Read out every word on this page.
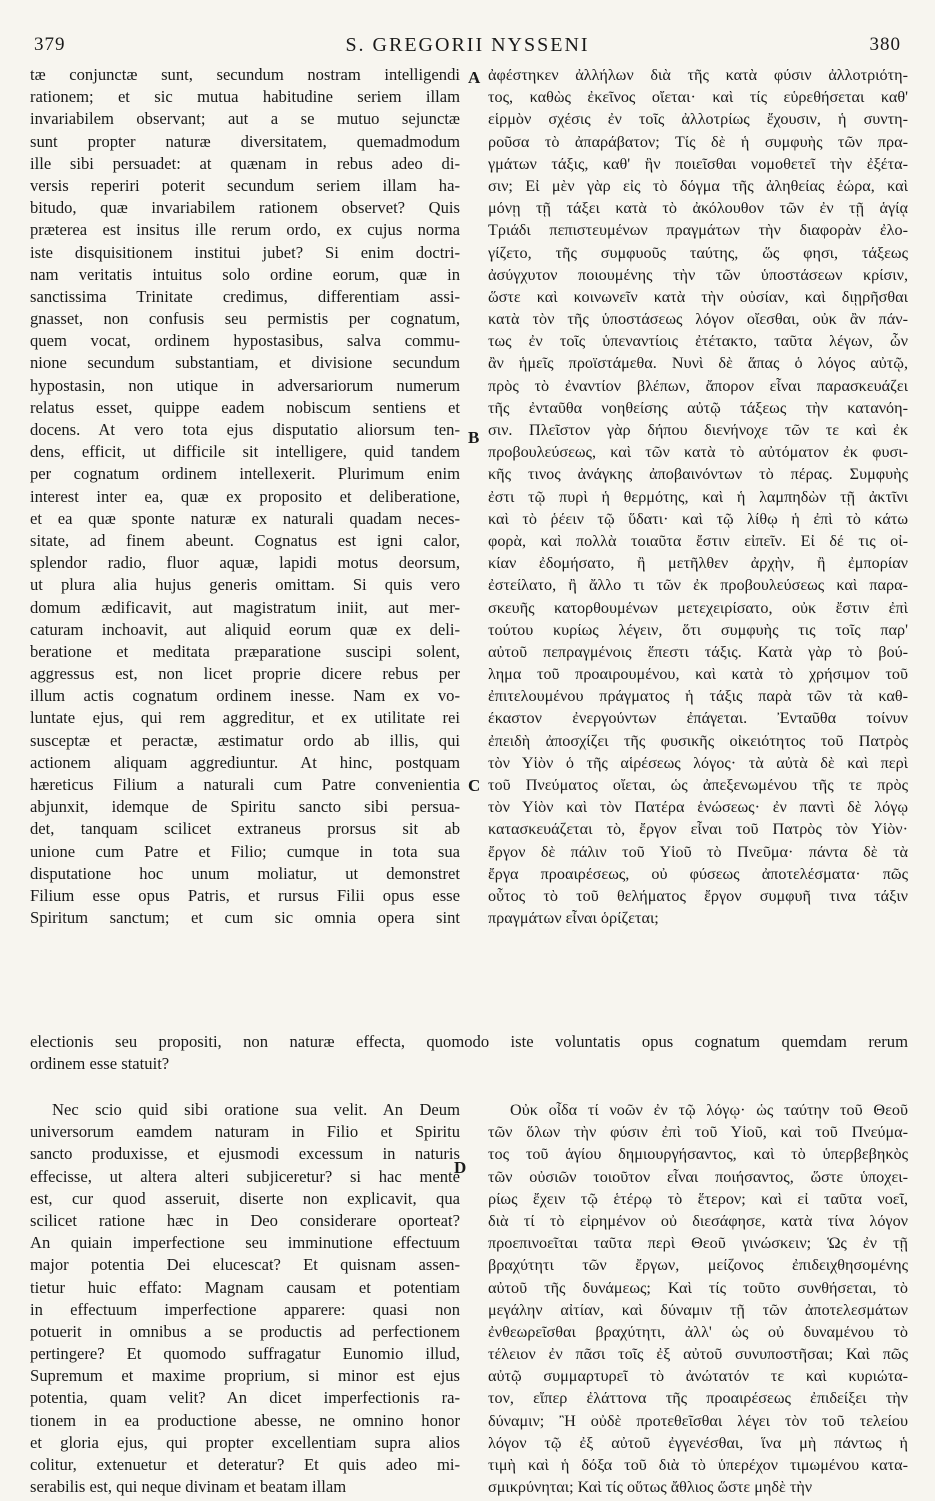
379	S. GREGORII NYSSENI	380
A
B
C
D
tæ conjunctæ sunt, secundum nostram intelligendi
rationem; et sic mutua habitudine seriem illam
invariabilem observant; aut a se mutuo sejunctæ
sunt propter naturæ diversitatem, quemadmodum
ille sibi persuadet: at quænam in rebus adeo di-
versis reperiri poterit secundum seriem illam ha-
bitudo, quæ invariabilem rationem observet? Quis
præterea est insitus ille rerum ordo, ex cujus norma
iste disquisitionem institui jubet? Si enim doctri-
nam veritatis intuitus solo ordine eorum, quæ in
sanctissima Trinitate credimus, differentiam assi-
gnasset, non confusis seu permistis per cognatum,
quem vocat, ordinem hypostasibus, salva commu-
nione secundum substantiam, et divisione secundum
hypostasin, non utique in adversariorum numerum
relatus esset, quippe eadem nobiscum sentiens et
docens. At vero tota ejus disputatio aliorsum ten-
dens, efficit, ut difficile sit intelligere, quid tandem
per cognatum ordinem intellexerit. Plurimum enim
interest inter ea, quæ ex proposito et deliberatione,
et ea quæ sponte naturæ ex naturali quadam neces-
sitate, ad finem abeunt. Cognatus est igni calor,
splendor radio, fluor aquæ, lapidi motus deorsum,
ut plura alia hujus generis omittam. Si quis vero
domum ædificavit, aut magistratum iniit, aut mer-
caturam inchoavit, aut aliquid eorum quæ ex deli-
beratione et meditata præparatione suscipi solent,
aggressus est, non licet proprie dicere rebus per
illum actis cognatum ordinem inesse. Nam ex vo-
luntate ejus, qui rem aggreditur, et ex utilitate rei
susceptæ et peractæ, æstimatur ordo ab illis, qui
actionem aliquam aggrediuntur. At hinc, postquam
hæreticus Filium a naturali cum Patre convenientia
abjunxit, idemque de Spiritu sancto sibi persua-
det, tanquam scilicet extraneus prorsus sit ab
unione cum Patre et Filio; cumque in tota sua
disputatione hoc unum moliatur, ut demonstret
Filium esse opus Patris, et rursus Filii opus esse
Spiritum sanctum; et cum sic omnia opera sint
ἀφέστηκεν ἀλλήλων διὰ τῆς κατὰ φύσιν ἀλλοτριότη-
τος, καθὼς ἐκεῖνος οἴεται· καὶ τίς εὑρεθήσεται καθ'
εἱρμὸν σχέσις ἐν τοῖς ἀλλοτρίως ἔχουσιν, ἡ συντη-
ροῦσα τὸ ἀπαράβατον; Τίς δὲ ἡ συμφυὴς τῶν πρα-
γμάτων τάξις, καθ' ἣν ποιεῖσθαι νομοθετεῖ τὴν ἐξέτα-
σιν; Εἰ μὲν γὰρ εἰς τὸ δόγμα τῆς ἀληθείας ἑώρα, καὶ
μόνῃ τῇ τάξει κατὰ τὸ ἀκόλουθον τῶν ἐν τῇ ἁγίᾳ
Τριάδι πεπιστευμένων πραγμάτων τὴν διαφορὰν ἐλο-
γίζετο, τῆς συμφυοῦς ταύτης, ὥς φησι, τάξεως
ἀσύγχυτον ποιουμένης τὴν τῶν ὑποστάσεων κρίσιν,
ὥστε καὶ κοινωνεῖν κατὰ τὴν οὐσίαν, καὶ διῃρῆσθαι
κατὰ τὸν τῆς ὑποστάσεως λόγον οἴεσθαι, οὐκ ἂν πάν-
τως ἐν τοῖς ὑπεναντίοις ἐτέτακτο, ταῦτα λέγων, ὧν
ἂν ἡμεῖς προϊστάμεθα. Νυνὶ δὲ ἅπας ὁ λόγος αὐτῷ,
πρὸς τὸ ἐναντίον βλέπων, ἄπορον εἶναι παρασκευάζει
τῆς ἐνταῦθα νοηθείσης αὐτῷ τάξεως τὴν κατανόη-
σιν. Πλεῖστον γὰρ δήπου διενήνοχε τῶν τε καὶ ἐκ
προβουλεύσεως, καὶ τῶν κατὰ τὸ αὐτόματον ἐκ φυσι-
κῆς τινος ἀνάγκης ἀποβαινόντων τὸ πέρας. Συμφυὴς
ἐστι τῷ πυρὶ ἡ θερμότης, καὶ ἡ λαμπηδὼν τῇ ἀκτῖνι
καὶ τὸ ῥέειν τῷ ὕδατι· καὶ τῷ λίθῳ ἡ ἐπὶ τὸ κάτω
φορὰ, καὶ πολλὰ τοιαῦτα ἔστιν εἰπεῖν. Εἰ δέ τις οἰ-
κίαν ἐδομήσατο, ἢ μετῆλθεν ἀρχὴν, ἢ ἐμπορίαν
ἐστείλατο, ἢ ἄλλο τι τῶν ἐκ προβουλεύσεως καὶ παρα-
σκευῆς κατορθουμένων μετεχειρίσατο, οὐκ ἔστιν ἐπὶ
τούτου κυρίως λέγειν, ὅτι συμφυὴς τις τοῖς παρ'
αὐτοῦ πεπραγμένοις ἕπεστι τάξις. Κατὰ γὰρ τὸ βού-
λημα τοῦ προαιρουμένου, καὶ κατὰ τὸ χρήσιμον τοῦ
ἐπιτελουμένου πράγματος ἡ τάξις παρὰ τῶν τὰ καθ-
έκαστον ἐνεργούντων ἐπάγεται. Ἐνταῦθα τοίνυν
ἐπειδὴ ἀποσχίζει τῆς φυσικῆς οἰκειότητος τοῦ Πατρὸς
τὸν Υἱὸν ὁ τῆς αἱρέσεως λόγος· τὰ αὐτὰ δὲ καὶ περὶ
τοῦ Πνεύματος οἴεται, ὡς ἀπεξενωμένου τῆς τε πρὸς
τὸν Υἱὸν καὶ τὸν Πατέρα ἑνώσεως· ἐν παντὶ δὲ λόγῳ
κατασκευάζεται τὸ, ἔργον εἶναι τοῦ Πατρὸς τὸν Υἱὸν·
ἔργον δὲ πάλιν τοῦ Υἱοῦ τὸ Πνεῦμα· πάντα δὲ τὰ
ἔργα προαιρέσεως, οὐ φύσεως ἀποτελέσματα· πῶς
οὗτος τὸ τοῦ θελήματος ἔργον συμφυῆ τινα τάξιν
πραγμάτων εἶναι ὁρίζεται;
electionis seu propositi, non naturæ effecta, quomodo iste voluntatis opus cognatum quemdam rerum
ordinem esse statuit?
Nec scio quid sibi oratione sua velit. An Deum
universorum eamdem naturam in Filio et Spiritu
sancto produxisse, et ejusmodi excessum in naturis
effecisse, ut altera alteri subjiceretur? si hac mente
est, cur quod asseruit, diserte non explicavit, qua
scilicet ratione hæc in Deo considerare oporteat?
An quiain imperfectione seu imminutione effectuum
major potentia Dei elucescat? Et quisnam assen-
tietur huic effato: Magnam causam et potentiam
in effectuum imperfectione apparere: quasi non
potuerit in omnibus a se productis ad perfectionem
pertingere? Et quomodo suffragatur Eunomio illud,
Supremum et maxime proprium, si minor est ejus
potentia, quam velit? An dicet imperfectionis ra-
tionem in ea productione abesse, ne omnino honor
et gloria ejus, qui propter excellentiam supra alios
colitur, extenuetur et deteratur? Et quis adeo mi-
serabilis est, qui neque divinam et beatam illam
Οὐκ οἶδα τί νοῶν ἐν τῷ λόγῳ· ὡς ταύτην τοῦ Θεοῦ
τῶν ὅλων τὴν φύσιν ἐπὶ τοῦ Υἱοῦ, καὶ τοῦ Πνεύμα-
τος τοῦ ἁγίου δημιουργήσαντος, καὶ τὸ ὑπερβεβηκὸς
τῶν οὐσιῶν τοιοῦτον εἶναι ποιήσαντος, ὥστε ὑποχει-
ρίως ἔχειν τῷ ἑτέρῳ τὸ ἕτερον; καὶ εἰ ταῦτα νοεῖ,
διὰ τί τὸ εἰρημένον οὐ διεσάφησε, κατὰ τίνα λόγον
προεπινοεῖται ταῦτα περὶ Θεοῦ γινώσκειν; Ὡς ἐν τῇ
βραχύτητι τῶν ἔργων, μείζονος ἐπιδειχθησομένης
αὐτοῦ τῆς δυνάμεως; Καὶ τίς τοῦτο συνθήσεται, τὸ
μεγάλην αἰτίαν, καὶ δύναμιν τῇ τῶν ἀποτελεσμάτων
ἐνθεωρεῖσθαι βραχύτητι, ἀλλ' ὡς οὐ δυναμένου τὸ
τέλειον ἐν πᾶσι τοῖς ἐξ αὐτοῦ συνυποστῆσαι; Καὶ πῶς
αὐτῷ συμμαρτυρεῖ τὸ ἀνώτατόν τε καὶ κυριώτα-
τον, εἴπερ ἐλάττονα τῆς προαιρέσεως ἐπιδείξει τὴν
δύναμιν; Ἢ οὐδὲ προτεθεῖσθαι λέγει τὸν τοῦ τελείου
λόγον τῷ ἐξ αὐτοῦ ἐγγενέσθαι, ἵνα μὴ πάντως ἡ
τιμὴ καὶ ἡ δόξα τοῦ διὰ τὸ ὑπερέχον τιμωμένου κατα-
σμικρύνηται; Καὶ τίς οὕτως ἄθλιος ὥστε μηδὲ τὴν
